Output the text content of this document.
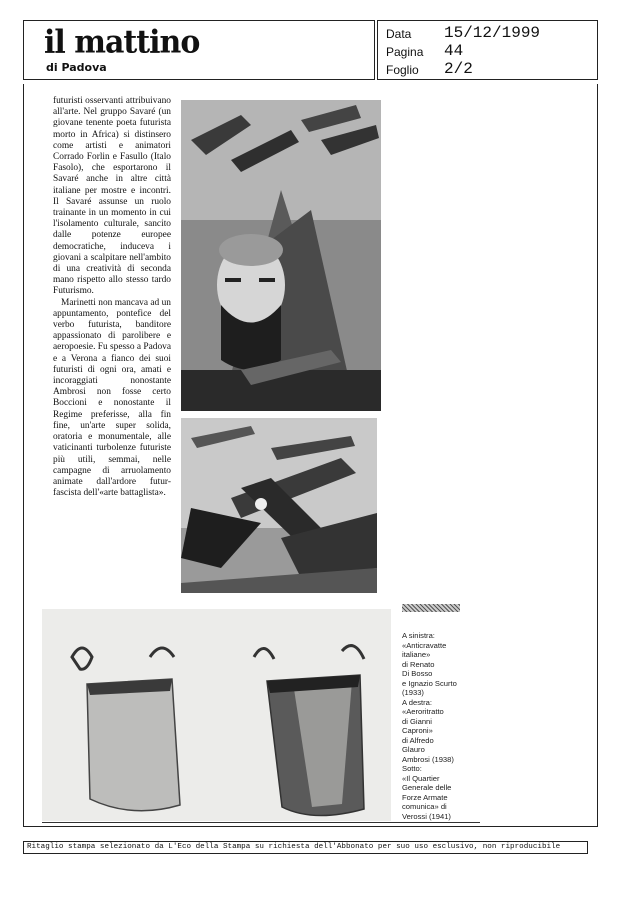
il mattino
di Padova
Data 15/12/1999
Pagina 44
Foglio 2/2

futuristi osservanti attribuivano all'arte. Nel gruppo Savaré (un giovane tenente poeta futurista morto in Africa) si distinsero come artisti e animatori Corrado Forlin e Fasullo (Italo Fasolo), che esportarono il Savaré anche in altre città italiane per mostre e incontri. Il Savaré assunse un ruolo trainante in un momento in cui l'isolamento culturale, sancito dalle potenze europee democratiche, induceva i giovani a scalpitare nell'ambito di una creatività di seconda mano rispetto allo stesso tardo Futurismo.

Marinetti non mancava ad un appuntamento, pontefice del verbo futurista, banditore appassionato di parolibere e aeropoesie. Fu spesso a Padova e a Verona a fianco dei suoi futuristi di ogni ora, amati e incoraggiati nonostante Ambrosi non fosse certo Boccioni e nonostante il Regime preferisse, alla fin fine, un'arte super solida, oratoria e monumentale, alle vaticinanti turbolenze futuriste più utili, semmai, nelle campagne di arruolamento animate dall'ardore futur-fascista dell'«arte battaglista».

A sinistra:
«Anticravatte
italiane»
di Renato
Di Bosso
e Ignazio Scurto
(1933)
A destra:
«Aeroritratto
di Gianni
Caproni»
di Alfredo
Glauro
Ambrosi (1938)
Sotto:
«Il Quartier
Generale delle
Forze Armate
comunica» di
Verossi (1941)
Ritaglio stampa selezionato da L'Eco della Stampa su richiesta dell'Abbonato per suo uso esclusivo, non riproducibile
